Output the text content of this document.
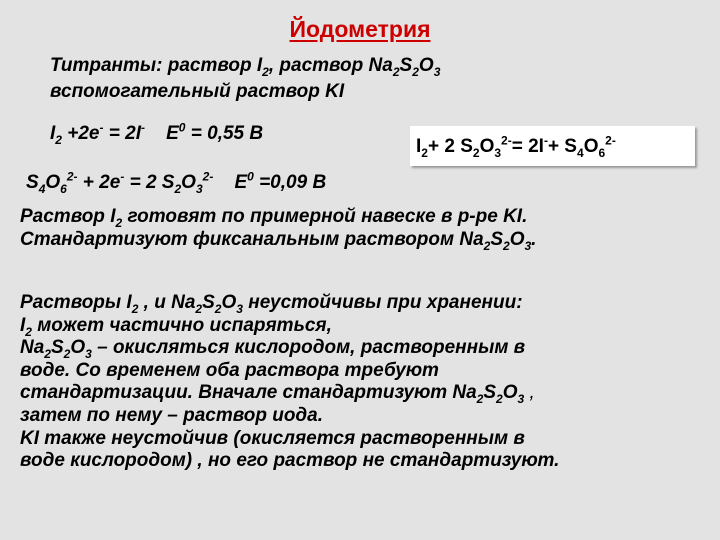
Йодометрия
Титранты: раствор $I_2$, раствор $Na_2S_2O_3$
вспомогательный раствор KI
$I_2 +2e^- = 2I^-$ $E^0 = 0,55$ В
$I_2+ 2$ $S_2O_3^{2-}= 2I^-+ S_4O_6^{2-}$
$S_4O_6^{2-} + 2e^- = 2$ $S_2O_3^{2-}$ $E^0 =0,09$ В
Раствор $I_2$ готовят по примерной навеске в р-ре KI.
Стандартизуют фиксанальным раствором $Na_2S_2O_3$.
Растворы $I_2$ , и $Na_2S_2O_3$ неустойчивы при хранении:
$I_2$ может частично испаряться,
$Na_2S_2O_3$ – окисляться кислородом, растворенным в
воде. Со временем оба раствора требуют
стандартизации. Вначале стандартизуют $Na_2S_2O_3$ ,
затем по нему – раствор иода.
KI также неустойчив (окисляется растворенным в
воде кислородом) , но его раствор не стандартизуют.
